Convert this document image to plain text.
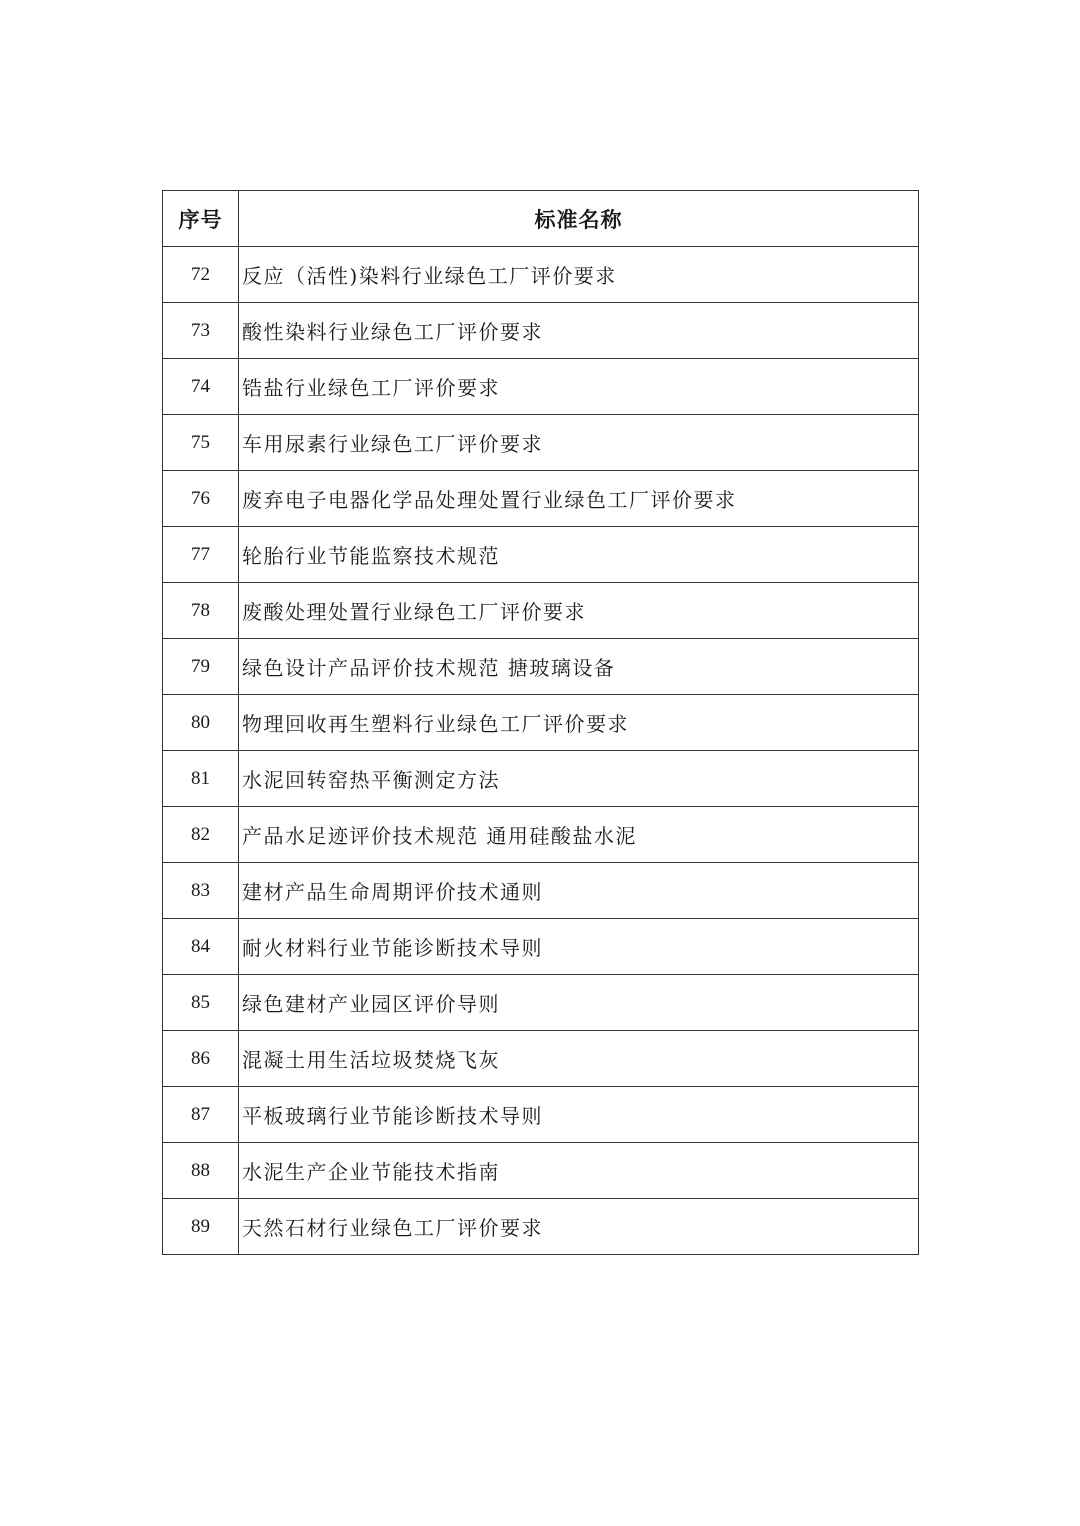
序号	标准名称
72	反应（活性)染料行业绿色工厂评价要求
73	酸性染料行业绿色工厂评价要求
74	锆盐行业绿色工厂评价要求
75	车用尿素行业绿色工厂评价要求
76	废弃电子电器化学品处理处置行业绿色工厂评价要求
77	轮胎行业节能监察技术规范
78	废酸处理处置行业绿色工厂评价要求
79	绿色设计产品评价技术规范 搪玻璃设备
80	物理回收再生塑料行业绿色工厂评价要求
81	水泥回转窑热平衡测定方法
82	产品水足迹评价技术规范 通用硅酸盐水泥
83	建材产品生命周期评价技术通则
84	耐火材料行业节能诊断技术导则
85	绿色建材产业园区评价导则
86	混凝土用生活垃圾焚烧飞灰
87	平板玻璃行业节能诊断技术导则
88	水泥生产企业节能技术指南
89	天然石材行业绿色工厂评价要求
